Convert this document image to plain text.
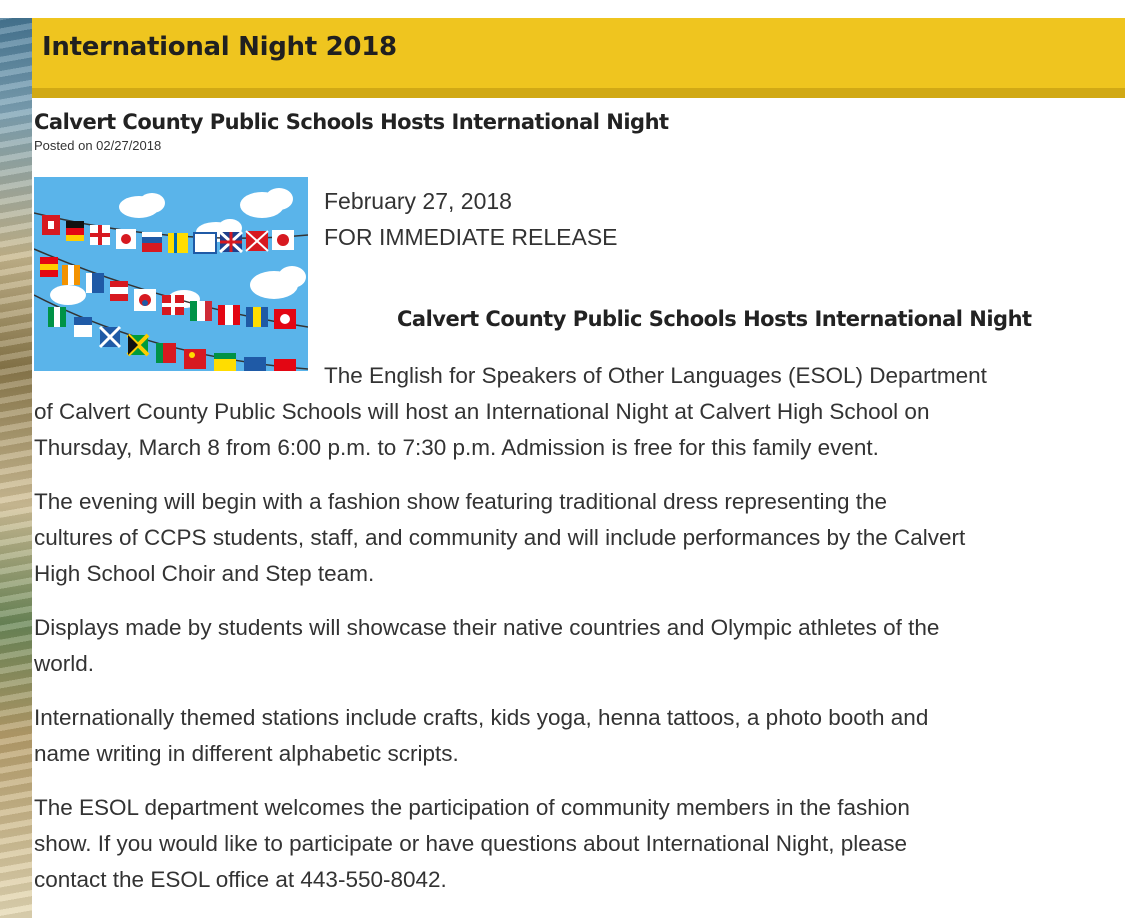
International Night 2018
Calvert County Public Schools Hosts International Night
Posted on 02/27/2018
February 27, 2018
FOR IMMEDIATE RELEASE
Calvert County Public Schools Hosts International Night
The English for Speakers of Other Languages (ESOL) Department
of Calvert County Public Schools will host an International Night at Calvert High School on
Thursday, March 8 from 6:00 p.m. to 7:30 p.m. Admission is free for this family event.
The evening will begin with a fashion show featuring traditional dress representing the
cultures of CCPS students, staff, and community and will include performances by the Calvert
High School Choir and Step team.
Displays made by students will showcase their native countries and Olympic athletes of the
world.
Internationally themed stations include crafts, kids yoga, henna tattoos, a photo booth and
name writing in different alphabetic scripts.
The ESOL department welcomes the participation of community members in the fashion
show. If you would like to participate or have questions about International Night, please
contact the ESOL office at 443-550-8042.
